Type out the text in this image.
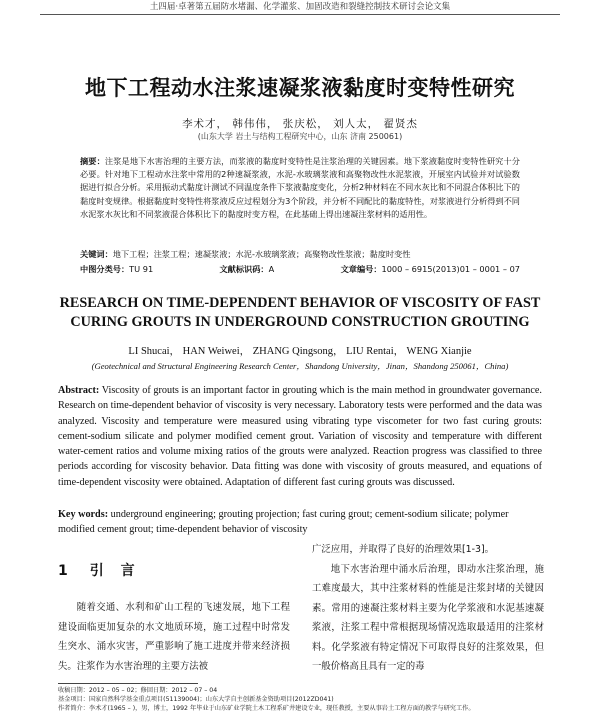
土四届·卓著第五届防水堵漏、化学灌浆、加固改造和裂缝控制技术研讨会论文集
地下工程动水注浆速凝浆液黏度时变特性研究
李术才， 韩伟伟， 张庆松， 刘人太， 翟贤杰
(山东大学 岩土与结构工程研究中心，山东 济南 250061)
摘要：注浆是地下水害治理的主要方法，而浆液的黏度时变特性是注浆治理的关键因素。地下浆液黏度时变特性研究十分必要。针对地下工程动水注浆中常用的2种速凝浆液，水泥-水玻璃浆液和高聚物改性水泥浆液，开展室内试验并对试验数据进行拟合分析。采用振动式黏度计测试不同温度条件下浆液黏度变化，分析2种材料在不同水灰比和不同混合体积比下的黏度时变规律。根据黏度时变特性将浆液反应过程划分为3个阶段，并分析不同配比的黏度特性，对浆液进行分析得到不同水泥浆水灰比和不同浆液混合体积比下的黏度时变方程，在此基础上得出速凝注浆材料的适用性。
关键词：地下工程；注浆工程；速凝浆液；水泥-水玻璃浆液；高聚物改性浆液；黏度时变性
中图分类号：TU 91	文献标识码：A	文章编号：1000 – 6915(2013)01 – 0001 – 07
RESEARCH ON TIME-DEPENDENT BEHAVIOR OF VISCOSITY OF FAST CURING GROUTS IN UNDERGROUND CONSTRUCTION GROUTING
LI Shucai， HAN Weiwei， ZHANG Qingsong， LIU Rentai， WENG Xianjie
(Geotechnical and Structural Engineering Research Center，Shandong University，Jinan，Shandong 250061，China)
Abstract: Viscosity of grouts is an important factor in grouting which is the main method in groundwater governance. Research on time-dependent behavior of viscosity is very necessary. Laboratory tests were performed and the data was analyzed. Viscosity and temperature were measured using vibrating type viscometer for two fast curing grouts: cement-sodium silicate and polymer modified cement grout. Variation of viscosity and temperature with different water-cement ratios and volume mixing ratios of the grouts were analyzed. Reaction progress was classified to three periods according for viscosity behavior. Data fitting was done with viscosity of grouts measured, and equations of time-dependent viscosity were obtained. Adaptation of different fast curing grouts was discussed.
Key words: underground engineering; grouting projection; fast curing grout; cement-sodium silicate; polymer modified cement grout; time-dependent behavior of viscosity
1 引 言
随着交通、水利和矿山工程的飞速发展，地下工程建设面临更加复杂的水文地质环境，施工过程中时常发生突水、涌水灾害，严重影响了施工进度并带来经济损失。注浆作为水害治理的主要方法被
广泛应用，并取得了良好的治理效果[1-3]。
地下水害治理中涌水后治理，即动水注浆治理，施工难度最大，其中注浆材料的性能是注浆封堵的关键因素。常用的速凝注浆材料主要为化学浆液和水泥基速凝浆液，注浆工程中常根据现场情况选取最适用的注浆材料。化学浆液有特定情况下可取得良好的注浆效果，但一般价格高且具有一定的毒
收稿日期：2012 – 05 – 02；修回日期：2012 – 07 – 04
基金项目：国家自然科学基金重点项目(51139004)；山东大学自主创新基金资助项目(2012ZD041)
作者简介：李术才(1965 – )，男，博士，1992 年毕业于山东矿业学院土木工程系矿井建设专业，现任教授，主要从事岩土工程方面的教学与研究工作。
